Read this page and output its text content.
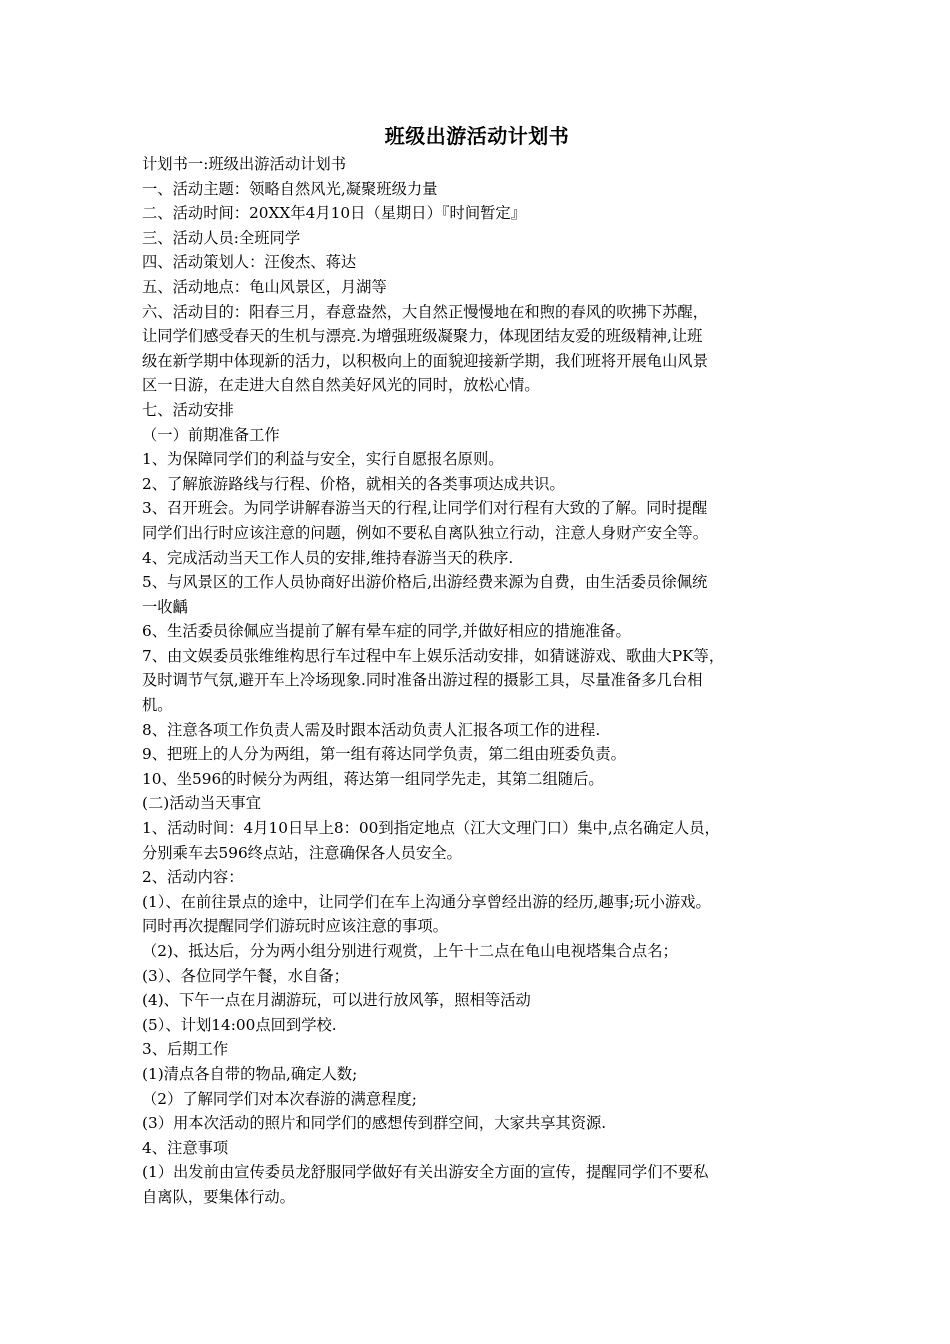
班级出游活动计划书

计划书一:班级出游活动计划书

一、活动主题：领略自然风光,凝聚班级力量

二、活动时间：20XX年4月10日（星期日）『时间暂定』

三、活动人员:全班同学

四、活动策划人：汪俊杰、蒋达

五、活动地点：龟山风景区，月湖等

六、活动目的：阳春三月，春意盎然，大自然正慢慢地在和煦的春风的吹拂下苏醒，

让同学们感受春天的生机与漂亮.为增强班级凝聚力，体现团结友爱的班级精神,让班

级在新学期中体现新的活力，以积极向上的面貌迎接新学期，我们班将开展龟山风景

区一日游，在走进大自然自然美好风光的同时，放松心情。

七、活动安排

（一）前期准备工作

1、为保障同学们的利益与安全，实行自愿报名原则。

2、了解旅游路线与行程、价格，就相关的各类事项达成共识。

3、召开班会。为同学讲解春游当天的行程,让同学们对行程有大致的了解。同时提醒

同学们出行时应该注意的问题，例如不要私自离队独立行动，注意人身财产安全等。

4、完成活动当天工作人员的安排,维持春游当天的秩序.

5、与风景区的工作人员协商好出游价格后,出游经费来源为自费，由生活委员徐佩统

一收齲

6、生活委员徐佩应当提前了解有晕车症的同学,并做好相应的措施准备。

7、由文娱委员张维维构思行车过程中车上娱乐活动安排，如猜谜游戏、歌曲大PK等，

及时调节气氛,避开车上冷场现象.同时准备出游过程的摄影工具，尽量准备多几台相

机。

8、注意各项工作负责人需及时跟本活动负责人汇报各项工作的进程.

9、把班上的人分为两组，第一组有蒋达同学负责，第二组由班委负责。

10、坐596的时候分为两组，蒋达第一组同学先走，其第二组随后。

(二)活动当天事宜

1、活动时间：4月10日早上8：00到指定地点（江大文理门口）集中,点名确定人员，

分别乘车去596终点站，注意确保各人员安全。

2、活动内容：

(1）、在前往景点的途中，让同学们在车上沟通分享曾经出游的经历,趣事;玩小游戏。

同时再次提醒同学们游玩时应该注意的事项。

（2)、抵达后，分为两小组分别进行观赏，上午十二点在龟山电视塔集合点名；

(3）、各位同学午餐，水自备；

(4)、下午一点在月湖游玩，可以进行放风筝，照相等活动

(5）、计划14:00点回到学校.

3、后期工作

(1)清点各自带的物品,确定人数;

（2）了解同学们对本次春游的满意程度;

(3）用本次活动的照片和同学们的感想传到群空间，大家共享其资源.

4、注意事项

(1）出发前由宣传委员龙舒服同学做好有关出游安全方面的宣传，提醒同学们不要私

自离队，要集体行动。
